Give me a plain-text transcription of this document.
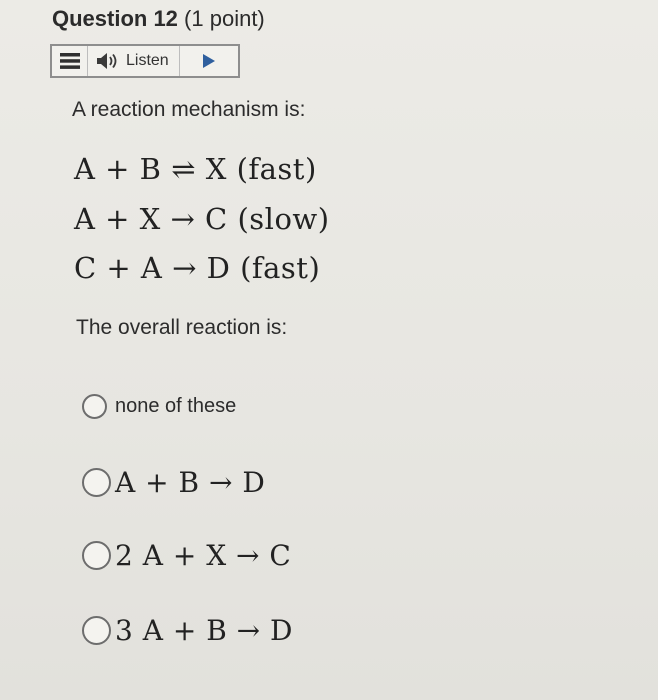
Question 12 (1 point)
Listen
A reaction mechanism is:
A + B ⇌ X (fast)
A + X → C (slow)
C + A → D (fast)
The overall reaction is:
none of these
A + B → D
2 A + X → C
3 A + B → D
